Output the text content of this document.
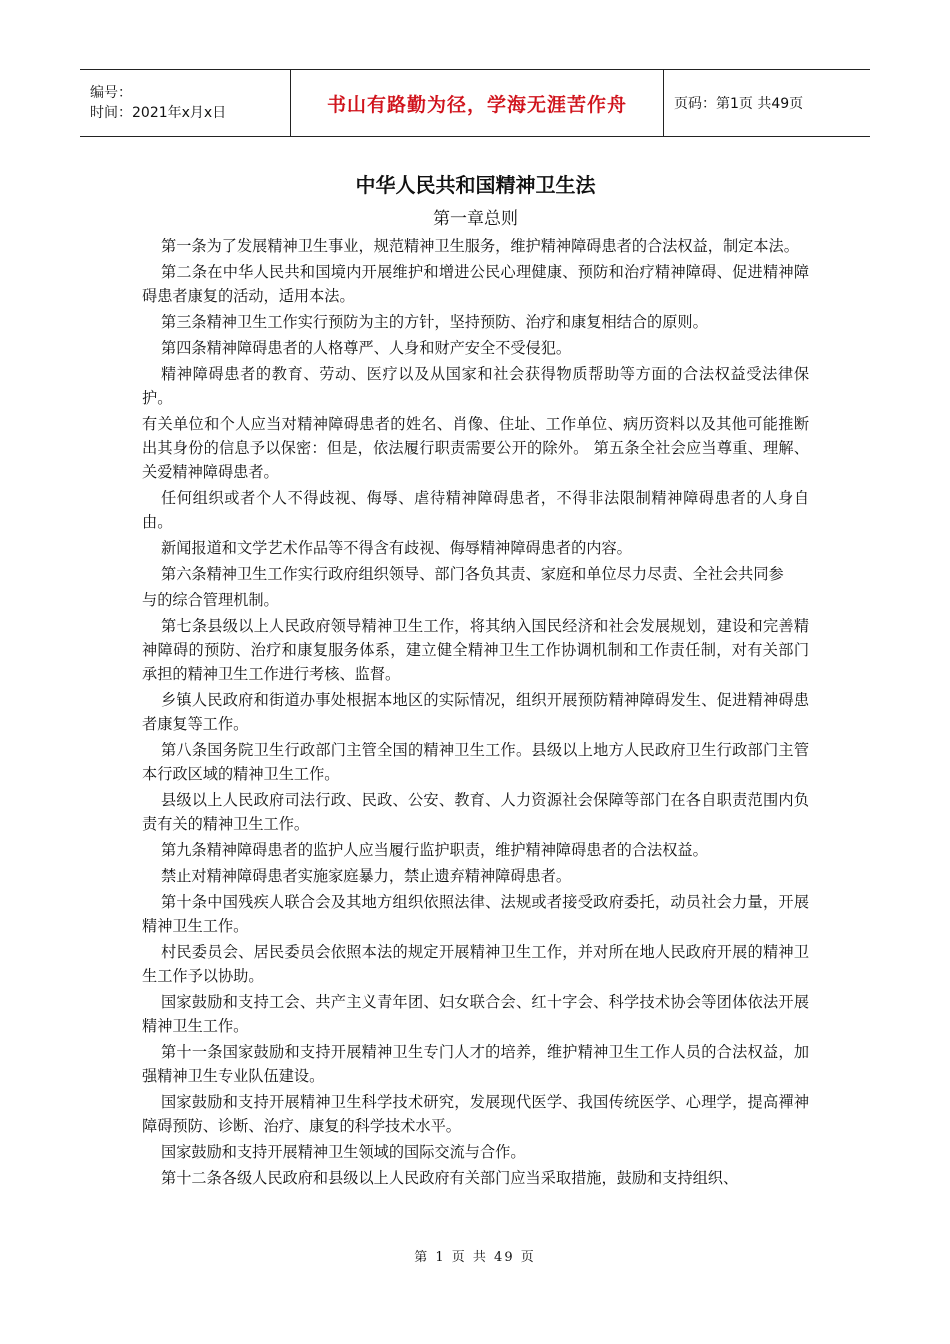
编号：
时间：2021年x月x日	书山有路勤为径，学海无涯苦作舟	页码：第1页 共49页
中华人民共和国精神卫生法
第一章总则

第一条为了发展精神卫生事业，规范精神卫生服务，维护精神障碍患者的合法权益，制定本法。

第二条在中华人民共和国境内开展维护和增进公民心理健康、预防和治疗精神障碍、促进精神障碍患者康复的活动，适用本法。

第三条精神卫生工作实行预防为主的方针，坚持预防、治疗和康复相结合的原则。

第四条精神障碍患者的人格尊严、人身和财产安全不受侵犯。

精神障碍患者的教育、劳动、医疗以及从国家和社会获得物质帮助等方面的合法权益受法律保护。

有关单位和个人应当对精神障碍患者的姓名、肖像、住址、工作单位、病历资料以及其他可能推断出其身份的信息予以保密：但是，依法履行职责需要公开的除外。 第五条全社会应当尊重、理解、关爱精神障碍患者。

任何组织或者个人不得歧视、侮辱、虐待精神障碍患者，不得非法限制精神障碍患者的人身自由。

新闻报道和文学艺术作品等不得含有歧视、侮辱精神障碍患者的内容。

第六条精神卫生工作实行政府组织领导、部门各负其责、家庭和单位尽力尽责、全社会共同参

与的综合管理机制。

第七条县级以上人民政府领导精神卫生工作，将其纳入国民经济和社会发展规划，建设和完善精神障碍的预防、治疗和康复服务体系，建立健全精神卫生工作协调机制和工作责任制，对有关部门承担的精神卫生工作进行考核、监督。

乡镇人民政府和街道办事处根据本地区的实际情况，组织开展预防精神障碍发生、促进精神碍患者康复等工作。

第八条国务院卫生行政部门主管全国的精神卫生工作。县级以上地方人民政府卫生行政部门主管本行政区域的精神卫生工作。

县级以上人民政府司法行政、民政、公安、教育、人力资源社会保障等部门在各自职责范围内负责有关的精神卫生工作。

第九条精神障碍患者的监护人应当履行监护职责，维护精神障碍患者的合法权益。

禁止对精神障碍患者实施家庭暴力，禁止遗弃精神障碍患者。

第十条中国残疾人联合会及其地方组织依照法律、法规或者接受政府委托，动员社会力量，开展精神卫生工作。

村民委员会、居民委员会依照本法的规定开展精神卫生工作，并对所在地人民政府开展的精神卫生工作予以协助。

国家鼓励和支持工会、共产主义青年团、妇女联合会、红十字会、科学技术协会等团体依法开展精神卫生工作。

第十一条国家鼓励和支持开展精神卫生专门人才的培养，维护精神卫生工作人员的合法权益，加强精神卫生专业队伍建设。

国家鼓励和支持开展精神卫生科学技术研究，发展现代医学、我国传统医学、心理学，提高禪神障碍预防、诊断、治疗、康复的科学技术水平。

国家鼓励和支持开展精神卫生领域的国际交流与合作。

第十二条各级人民政府和县级以上人民政府有关部门应当采取措施，鼓励和支持组织、

第 1 页 共 49 页
